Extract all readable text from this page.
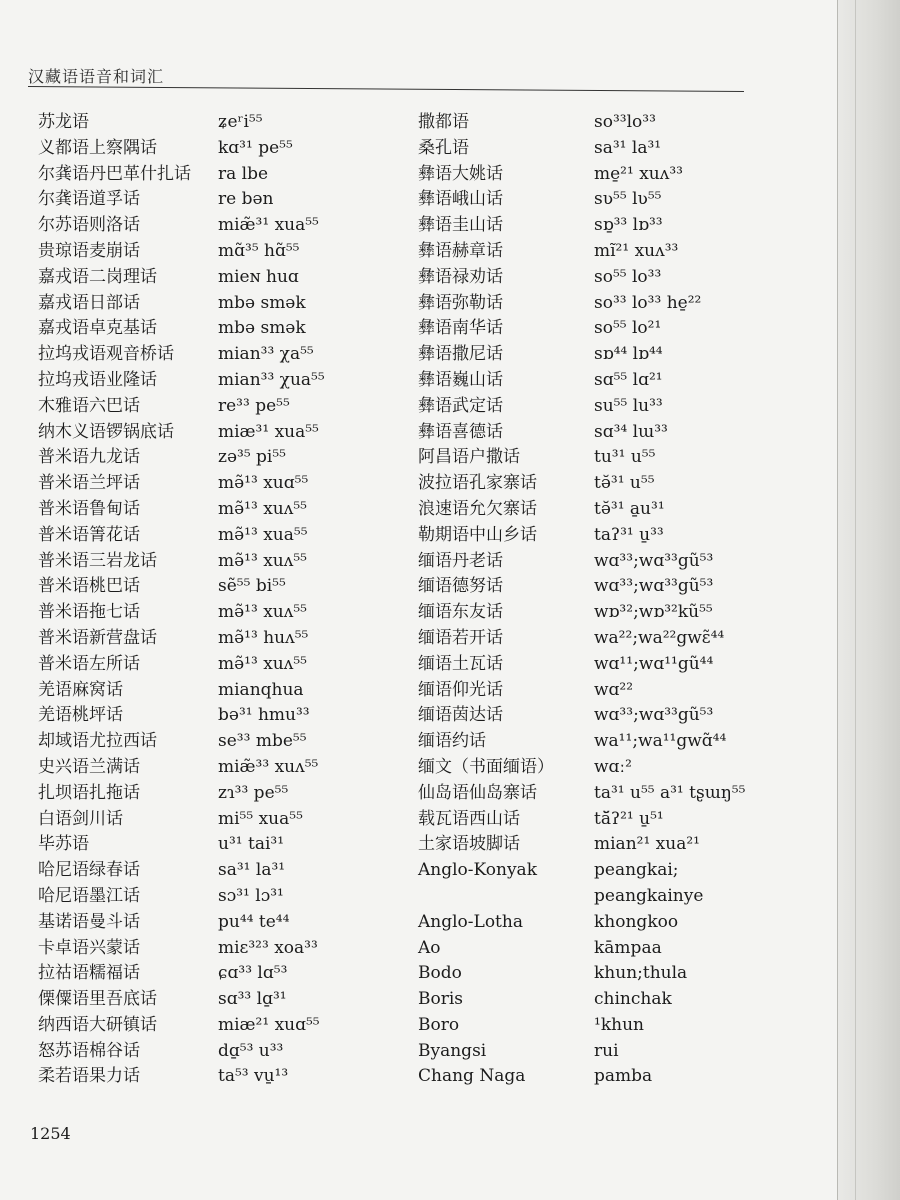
汉藏语语音和词汇
苏龙语
义都语上察隅话
尔龚语丹巴革什扎话
尔龚语道孚话
尔苏语则洛话
贵琼语麦崩话
嘉戎语二岗理话
嘉戎语日部话
嘉戎语卓克基话
拉坞戎语观音桥话
拉坞戎语业隆话
木雅语六巴话
纳木义语锣锅底话
普米语九龙话
普米语兰坪话
普米语鲁甸话
普米语箐花话
普米语三岩龙话
普米语桃巴话
普米语拖七话
普米语新营盘话
普米语左所话
羌语麻窝话
羌语桃坪话
却域语尤拉西话
史兴语兰满话
扎坝语扎拖话
白语剑川话
毕苏语
哈尼语绿春话
哈尼语墨江话
基诺语曼斗话
卡卓语兴蒙话
拉祜语糯福话
傈僳语里吾底话
纳西语大研镇话
怒苏语棉谷话
柔若语果力话
ʑeʳi⁵⁵
kɑ³¹ pe⁵⁵
ra lbe
re bən
miæ̃³¹ xua⁵⁵
mɑ̃³⁵ hɑ̃⁵⁵
mieɴ huɑ
mbə smək
mbə smək
mian³³ χa⁵⁵
mian³³ χua⁵⁵
re³³ pe⁵⁵
miæ³¹ xua⁵⁵
zə³⁵ pi⁵⁵
mə̃¹³ xuɑ⁵⁵
mə̃¹³ xuʌ⁵⁵
mə̃¹³ xua⁵⁵
mə̃¹³ xuʌ⁵⁵
sẽ⁵⁵ bi⁵⁵
mə̃¹³ xuʌ⁵⁵
mə̃¹³ huʌ⁵⁵
mə̃¹³ xuʌ⁵⁵
mianqhua
bə³¹ hmu³³
se³³ mbe⁵⁵
miæ̃³³ xuʌ⁵⁵
zɿ³³ pe⁵⁵
mi⁵⁵ xua⁵⁵
u³¹ tai³¹
sa³¹ la³¹
sɔ³¹ lɔ³¹
pu⁴⁴ te⁴⁴
miɛ³²³ xoa³³
ɕɑ³³ lɑ⁵³
sɑ³³ lɑ̱³¹
miæ²¹ xuɑ⁵⁵
dɑ̱⁵³ u³³
ta⁵³ vu̱¹³
撒都语
桑孔语
彝语大姚话
彝语峨山话
彝语圭山话
彝语赫章话
彝语禄劝话
彝语弥勒话
彝语南华话
彝语撒尼话
彝语巍山话
彝语武定话
彝语喜德话
阿昌语户撒话
波拉语孔家寨话
浪速语允欠寨话
勒期语中山乡话
缅语丹老话
缅语德努话
缅语东友话
缅语若开话
缅语土瓦话
缅语仰光话
缅语茵达话
缅语约话
缅文（书面缅语）
仙岛语仙岛寨话
载瓦语西山话
土家语坡脚话
Anglo-Konyak
Anglo-Lotha
Ao
Bodo
Boris
Boro
Byangsi
Chang Naga
so³³lo³³
sa³¹ la³¹
me̱²¹ xuʌ³³
sʋ⁵⁵ lʋ⁵⁵
sɒ̱³³ lɒ³³
mĩ²¹ xuʌ³³
so⁵⁵ lo³³
so³³ lo³³ he̱²²
so⁵⁵ lo²¹
sɒ⁴⁴ lɒ⁴⁴
sɑ⁵⁵ lɑ²¹
su⁵⁵ lu³³
sɑ³⁴ lɯ³³
tu³¹ u⁵⁵
tə̆³¹ u⁵⁵
tə̆³¹ a̱u³¹
taʔ³¹ u̱³³
wɑ³³;wɑ³³gũ⁵³
wɑ³³;wɑ³³gũ⁵³
wɒ³²;wɒ³²kũ⁵⁵
wa²²;wa²²gwɛ̃⁴⁴
wɑ¹¹;wɑ¹¹gũ⁴⁴
wɑ²²
wɑ³³;wɑ³³gũ⁵³
wa¹¹;wa¹¹gwɑ̃⁴⁴
wɑː²
ta³¹ u⁵⁵ a³¹ tʂɯŋ⁵⁵
tă̆ʔ²¹ u̱⁵¹
mian²¹ xua²¹
peangkai;
peangkainye
khongkoo
kāmpaa
khun;thula
chinchak
¹khun
rui
pamba
1254
